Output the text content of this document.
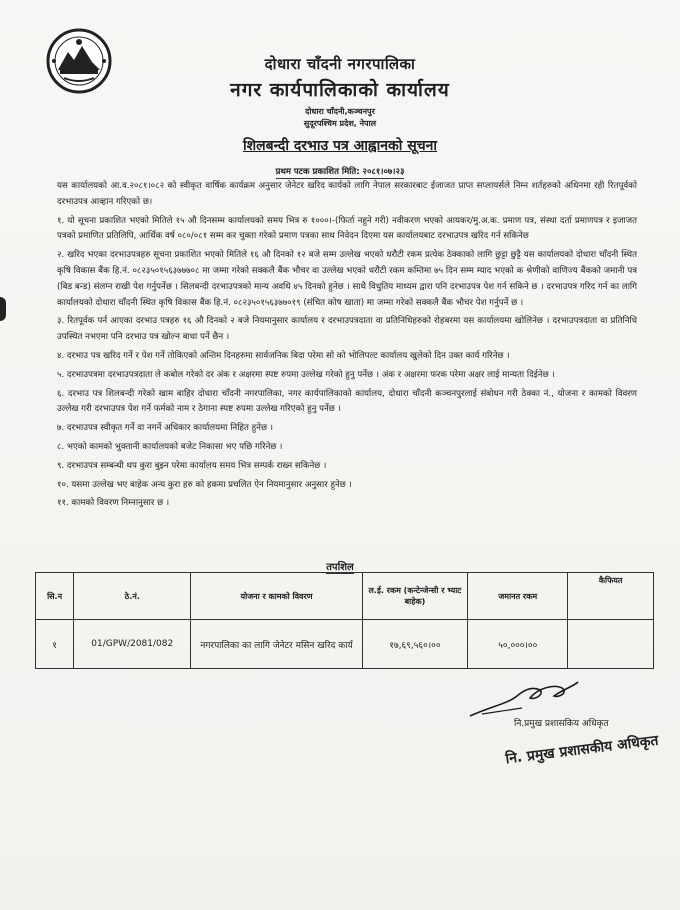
दोधारा चाँदनी नगरपालिका
नगर कार्यपालिकाको कार्यालय
दोधारा चाँदनी,कञ्चनपुर
सुदूरपश्चिम प्रदेश, नेपाल
शिलबन्दी दरभाउ पत्र आह्वानको सूचना
प्रथम पटक प्रकाशित मिति: २०८१।०७।२३

यस कार्यालयको आ.व.२०८१।०८२ को स्वीकृत वार्षिक कार्यक्रम अनुसार जेनेटर खरिद कार्यको लागि नेपाल सरकारबाट ईजाजत प्राप्त सप्लायर्सले निम्न शर्तहरुको अधिनमा रही रितपूर्वको दरभाउपत्र आव्हान गरिएको छ।

१. यो सूचना प्रकाशित भएको मितिले १५ औ दिनसम्म कार्यालयको समय भित्र रु १०००।-(फिर्ता नहुने गरी) नवीकरण भएको आयकर/मु.अ.क. प्रमाण पत्र, संस्था दर्ता प्रमाणपत्र र इजाजत पत्रको प्रमाणित प्रतिलिपि, आर्थिक वर्ष ०८०/०८१ सम्म कर चुक्ता गरेको प्रमाण पत्रका साथ निवेदन दिएमा यस कार्यालयबाट दरभाउपत्र खरिद गर्न सकिनेछ

२. खरिद भएका दरभाउपत्रहरु सूचना प्रकाशित भएको मितिले १६ औ दिनको १२ बजे सम्म उल्लेख भएको धरौटी रकम प्रत्येक ठेक्काको लागि छुट्टा छुट्टै यस कार्यालयको दोधारा चाँदनी स्थित कृषि विकास बैंक हि.नं. ०८२३५०१५६३७७७०८ मा जम्मा गरेको सक्कलै बैंक भौचर वा उल्लेख भएको धरौटी रकम कम्तिमा ७५ दिन सम्म म्याद भएको क श्रेणीको वाणिज्य बैंकको जमानी पत्र (बिड बन्ड) संलग्न राखी पेश गर्नुपर्नेछ । सिलबन्दी दरभाउपत्रको मान्य अवधि ४५ दिनको हुनेछ । साथै विधुतिय माध्यम द्वारा पनि दरभाउपत्र पेश गर्न सकिने छ । दरभाउपत्र गरिद गर्न का लागि कार्यालयको दोधारा चाँदनी स्थित कृषि विकास बैंक हि.नं. ०८२३५०१५६३७७०१९ (संचित कोष खाता) मा जम्मा गरेको सक्कलै बैंक भौचर पेश गर्नुपर्ने छ ।

३. रितपूर्वक पर्न आएका दरभाउ पत्रहरु १६ औ दिनको २ बजे नियमानुसार कार्यालय र दरभाउपत्रदाता वा प्रतिनिधिहरुको रोहबरमा यस कार्यालयमा खोलिनेछ । दरभाउपत्रदाता वा प्रतिनिधि उपस्थित नभएमा पनि दरभाउ पत्र खोल्न बाधा पर्ने छैन ।

४. दरभाउ पत्र खरिद गर्ने र पेश गर्ने तोकिएको अन्तिम दिनहरुमा सार्वजनिक बिदा परेमा सो को भोलिपल्ट कार्यालय खुलेको दिन उक्त कार्य गरिनेछ ।

५. दरभाउपत्रमा दरभाउपत्रदाता ले कबोल गरेको दर अंक र अक्षरमा स्पष्ट रुपमा उल्लेख गरेको हुनु पर्नेछ । अंक र अक्षरमा फरक परेमा अक्षर लाई मान्यता दिईनेछ ।

६. दरभाउ पत्र शिलबन्दी गरेको खाम बाहिर दोधारा चाँदनी नगरपालिका, नगर कार्यपालिकाको कार्यालय, दोधारा चाँदनी कञ्चनपुरलाई संबोधन गरी ठेक्का नं., योजना र कामको विवरण उल्लेख गरी दरभाउपत्र पेश गर्ने फर्मको नाम र ठेगाना स्पष्ट रुपमा उल्लेख गरिएको हुनु पर्नेछ ।

७. दरभाउपत्र स्वीकृत गर्ने वा नगर्ने अधिकार कार्यालयमा निहित हुनेछ ।

८. भएको कामको भुक्तानी कार्यालयको बजेट निकासा भए पछि गरिनेछ ।

९. दरभाउपत्र सम्बन्धी थप कुरा बुझ्न परेमा कार्यालय समय भित्र सम्पर्क राख्न सकिनेछ ।

१०. यसमा उल्लेख भए बाहेक अन्य कुरा हरु को हकमा प्रचलित ऐन नियमानुसार अनुसार हुनेछ ।

११. कामको विवरण निम्नानुसार छ ।

तपशिल
सि.न	ठे.नं.	योजना र कामको विवरण	ल.ई. रकम (कन्टेन्जेन्सी र भ्याट बाहेक)	जमानत रकम	कैफियत
१	01/GPW/2081/082	नगरपालिका का लागि जेनेटर मसिन खरिद कार्य	१७,६९,५६०।००	५०,०००।००	
नि.प्रमुख प्रशासकिय अधिकृत
नि. प्रमुख प्रशासकीय अधिकृत
